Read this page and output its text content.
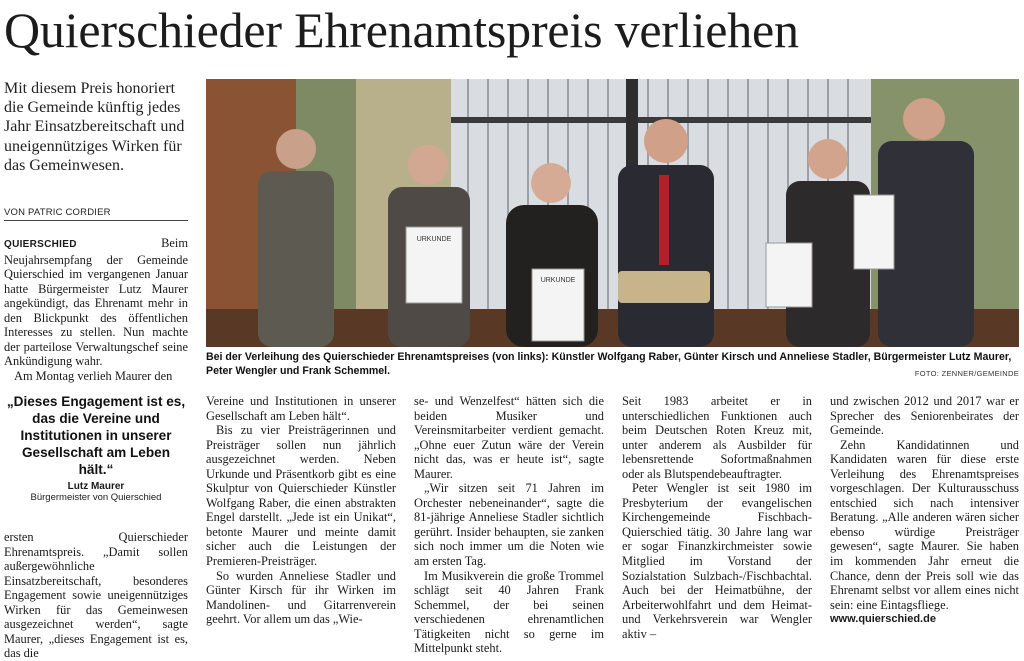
Quierschieder Ehrenamtspreis verliehen
Mit diesem Preis honoriert die Gemeinde künftig jedes Jahr Einsatzbereitschaft und uneigennütziges Wirken für das Gemeinwesen.
VON PATRIC CORDIER

QUIERSCHIED	Beim Neujahrsempfang der Gemeinde Quierschied im vergangenen Januar hatte Bürgermeister Lutz Maurer angekündigt, das Ehrenamt mehr in den Blickpunkt des öffentlichen Interesses zu stellen. Nun machte der parteilose Verwaltungschef seine Ankündigung wahr.

Am Montag verlieh Maurer den

„Dieses Engagement ist es, das die Vereine und Institutionen in unserer Gesellschaft am Leben hält.“
Lutz Maurer
Bürgermeister von Quierschied

ersten Quierschieder Ehrenamtspreis. „Damit sollen außergewöhnliche Einsatzbereitschaft, besonderes Engagement sowie uneigennütziges Wirken für das Gemeinwesen ausgezeichnet werden“, sagte Maurer, „dieses Engagement ist es, das die

URKUNDE
URKUNDE
Bei der Verleihung des Quierschieder Ehrenamtspreises (von links): Künstler Wolfgang Raber, Günter Kirsch und Anneliese Stadler, Bürgermeister Lutz Maurer, Peter Wengler und Frank Schemmel.	FOTO: ZENNER/GEMEINDE

Vereine und Institutionen in unserer Gesellschaft am Leben hält“.

Bis zu vier Preisträgerinnen und Preisträger sollen nun jährlich ausgezeichnet werden. Neben Urkunde und Präsentkorb gibt es eine Skulptur von Quierschieder Künstler Wolfgang Raber, die einen abstrakten Engel darstellt. „Jede ist ein Unikat“, betonte Maurer und meinte damit sicher auch die Leistungen der Premieren-Preisträger.

So wurden Anneliese Stadler und Günter Kirsch für ihr Wirken im Mandolinen- und Gitarrenverein geehrt. Vor allem um das „Wie-

se- und Wenzelfest“ hätten sich die beiden Musiker und Vereinsmitarbeiter verdient gemacht. „Ohne euer Zutun wäre der Verein nicht das, was er heute ist“, sagte Maurer.

„Wir sitzen seit 71 Jahren im Orchester nebeneinander“, sagte die 81-jährige Anneliese Stadler sichtlich gerührt. Insider behaupten, sie zanken sich noch immer um die Noten wie am ersten Tag.

Im Musikverein die große Trommel schlägt seit 40 Jahren Frank Schemmel, der bei seinen verschiedenen ehrenamtlichen Tätigkeiten nicht so gerne im Mittelpunkt steht.

Seit 1983 arbeitet er in unterschiedlichen Funktionen auch beim Deutschen Roten Kreuz mit, unter anderem als Ausbilder für lebensrettende Sofortmaßnahmen oder als Blutspendebeauftragter.

Peter Wengler ist seit 1980 im Presbyterium der evangelischen Kirchengemeinde Fischbach-Quierschied tätig. 30 Jahre lang war er sogar Finanzkirchmeister sowie Mitglied im Vorstand der Sozialstation Sulzbach-/Fischbachtal. Auch bei der Heimatbühne, der Arbeiterwohlfahrt und dem Heimat- und Verkehrsverein war Wengler aktiv –

und zwischen 2012 und 2017 war er Sprecher des Seniorenbeirates der Gemeinde.

Zehn Kandidatinnen und Kandidaten waren für diese erste Verleihung des Ehrenamtspreises vorgeschlagen. Der Kulturausschuss entschied sich nach intensiver Beratung. „Alle anderen wären sicher ebenso würdige Preisträger gewesen“, sagte Maurer. Sie haben im kommenden Jahr erneut die Chance, denn der Preis soll wie das Ehrenamt selbst vor allem eines nicht sein: eine Eintagsfliege.

www.quierschied.de
